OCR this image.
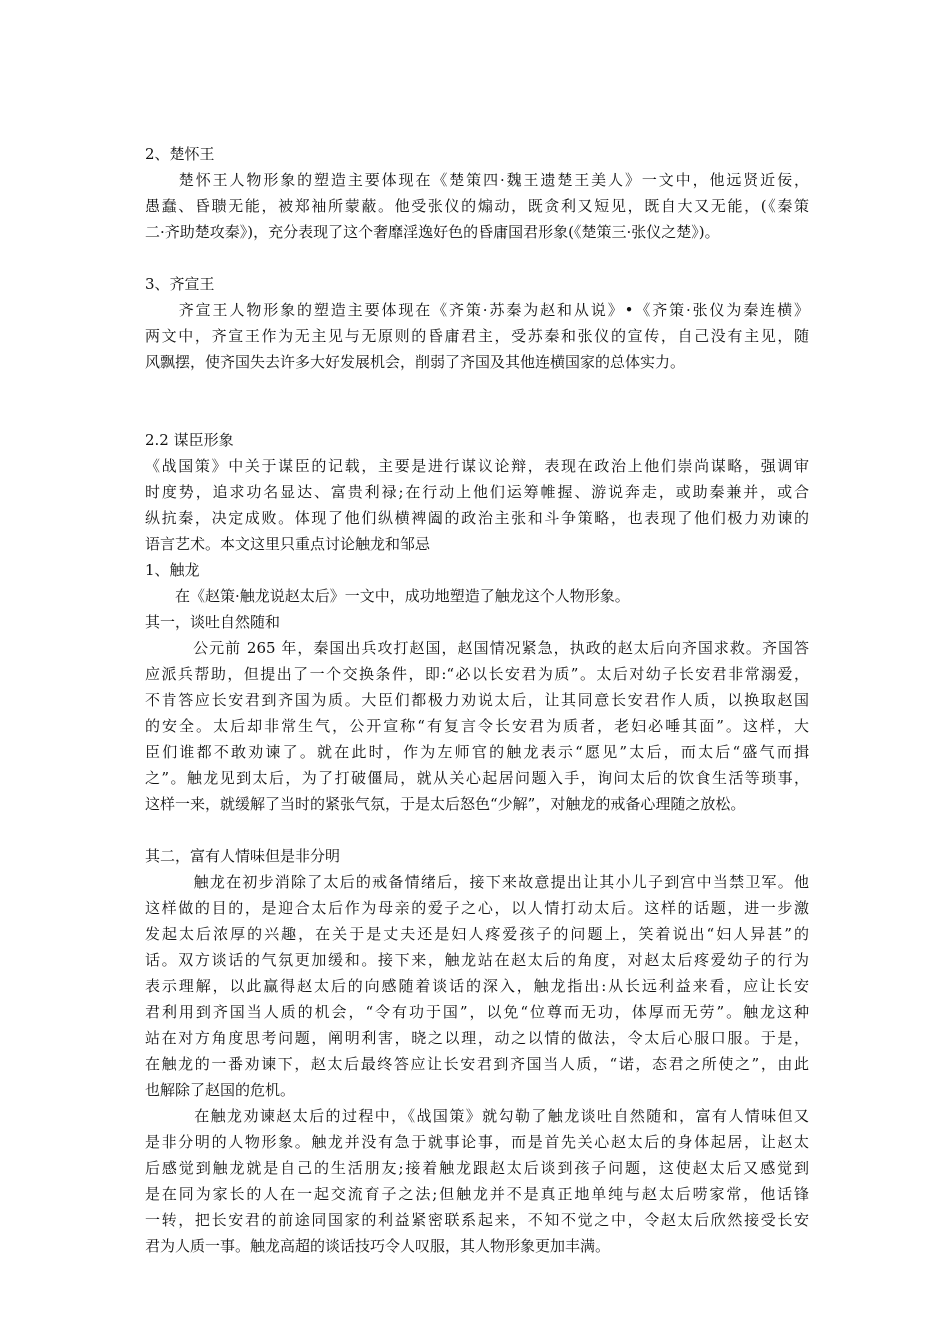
2、楚怀王
　　楚怀王人物形象的塑造主要体现在《楚策四·魏王遗楚王美人》一文中，他远贤近佞，
愚蠢、昏聩无能，被郑袖所蒙蔽。他受张仪的煽动，既贪利又短见，既自大又无能，(《秦策
二·齐助楚攻秦》)，充分表现了这个奢靡淫逸好色的昏庸国君形象(《楚策三·张仪之楚》)。
3、齐宣王
　　齐宣王人物形象的塑造主要体现在《齐策·苏秦为赵和从说》•《齐策·张仪为秦连横》
两文中，齐宣王作为无主见与无原则的昏庸君主，受苏秦和张仪的宣传，自己没有主见，随
风飘摆，使齐国失去许多大好发展机会，削弱了齐国及其他连横国家的总体实力。
2.2 谋臣形象
《战国策》中关于谋臣的记载，主要是进行谋议论辩，表现在政治上他们崇尚谋略，强调审
时度势，追求功名显达、富贵利禄;在行动上他们运筹帷握、游说奔走，或助秦兼并，或合
纵抗秦，决定成败。体现了他们纵横裨阖的政治主张和斗争策略，也表现了他们极力劝谏的
语言艺术。本文这里只重点讨论触龙和邹忌
1、触龙
　　在《赵策·触龙说赵太后》一文中，成功地塑造了触龙这个人物形象。
其一，谈吐自然随和
　　　公元前 265 年，秦国出兵攻打赵国，赵国情况紧急，执政的赵太后向齐国求救。齐国答
应派兵帮助，但提出了一个交换条件，即:“必以长安君为质”。太后对幼子长安君非常溺爱，
不肯答应长安君到齐国为质。大臣们都极力劝说太后，让其同意长安君作人质，以换取赵国
的安全。太后却非常生气，公开宣称“有复言令长安君为质者，老妇必唾其面”。这样，大
臣们谁都不敢劝谏了。就在此时，作为左师官的触龙表示“愿见”太后，而太后“盛气而揖
之”。触龙见到太后，为了打破僵局，就从关心起居问题入手，询问太后的饮食生活等琐事，
这样一来，就缓解了当时的紧张气氛，于是太后怒色“少解”，对触龙的戒备心理随之放松。
其二，富有人情味但是非分明
　　　触龙在初步消除了太后的戒备情绪后，接下来故意提出让其小儿子到宫中当禁卫军。他
这样做的目的，是迎合太后作为母亲的爱子之心，以人情打动太后。这样的话题，进一步激
发起太后浓厚的兴趣，在关于是丈夫还是妇人疼爱孩子的问题上，笑着说出“妇人异甚”的
话。双方谈话的气氛更加缓和。接下来，触龙站在赵太后的角度，对赵太后疼爱幼子的行为
表示理解，以此赢得赵太后的向感随着谈话的深入，触龙指出:从长远利益来看，应让长安
君利用到齐国当人质的机会，“令有功于国”，以免“位尊而无功，体厚而无劳”。触龙这种
站在对方角度思考问题，阐明利害，晓之以理，动之以情的做法，令太后心服口服。于是，
在触龙的一番劝谏下，赵太后最终答应让长安君到齐国当人质，“诺，态君之所使之”，由此
也解除了赵国的危机。
　　　在触龙劝谏赵太后的过程中，《战国策》就勾勒了触龙谈吐自然随和，富有人情味但又
是非分明的人物形象。触龙并没有急于就事论事，而是首先关心赵太后的身体起居，让赵太
后感觉到触龙就是自己的生活朋友;接着触龙跟赵太后谈到孩子问题，这使赵太后又感觉到
是在同为家长的人在一起交流育子之法;但触龙并不是真正地单纯与赵太后唠家常，他话锋
一转，把长安君的前途同国家的利益紧密联系起来，不知不觉之中，令赵太后欣然接受长安
君为人质一事。触龙高超的谈话技巧令人叹服，其人物形象更加丰满。
